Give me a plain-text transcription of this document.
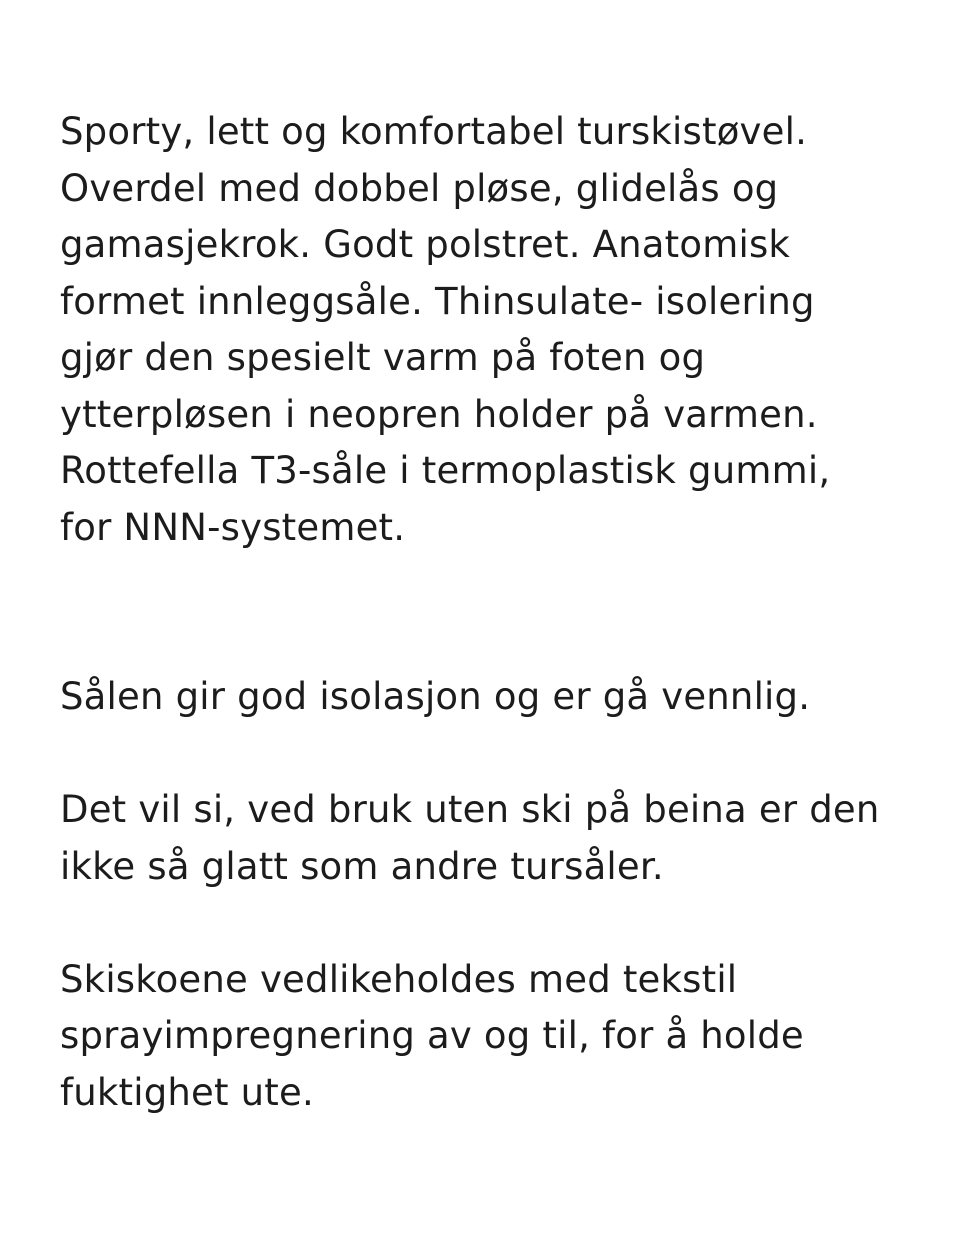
Sporty, lett og komfortabel turskistøvel.
Overdel med dobbel pløse, glidelås og
gamasjekrok. Godt polstret. Anatomisk
formet innleggsåle. Thinsulate- isolering
gjør den spesielt varm på foten og
ytterpløsen i neopren holder på varmen.
Rottefella T3-såle i termoplastisk gummi,
for NNN-systemet.

Sålen gir god isolasjon og er gå vennlig.

Det vil si, ved bruk uten ski på beina er den
ikke så glatt som andre tursåler.

Skiskoene vedlikeholdes med tekstil
sprayimpregnering av og til, for å holde
fuktighet ute.
